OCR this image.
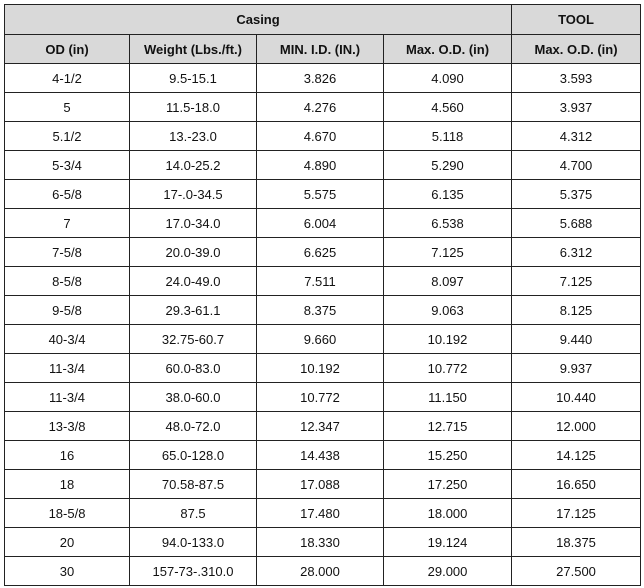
Casing				TOOL
OD (in)	Weight (Lbs./ft.)	MIN. I.D. (IN.)	Max. O.D. (in)	Max. O.D. (in)
4-1/2	9.5-15.1	3.826	4.090	3.593
5	11.5-18.0	4.276	4.560	3.937
5.1/2	13.-23.0	4.670	5.118	4.312
5-3/4	14.0-25.2	4.890	5.290	4.700
6-5/8	17-.0-34.5	5.575	6.135	5.375
7	17.0-34.0	6.004	6.538	5.688
7-5/8	20.0-39.0	6.625	7.125	6.312
8-5/8	24.0-49.0	7.511	8.097	7.125
9-5/8	29.3-61.1	8.375	9.063	8.125
40-3/4	32.75-60.7	9.660	10.192	9.440
11-3/4	60.0-83.0	10.192	10.772	9.937
11-3/4	38.0-60.0	10.772	11.150	10.440
13-3/8	48.0-72.0	12.347	12.715	12.000
16	65.0-128.0	14.438	15.250	14.125
18	70.58-87.5	17.088	17.250	16.650
18-5/8	87.5	17.480	18.000	17.125
20	94.0-133.0	18.330	19.124	18.375
30	157-73-.310.0	28.000	29.000	27.500
